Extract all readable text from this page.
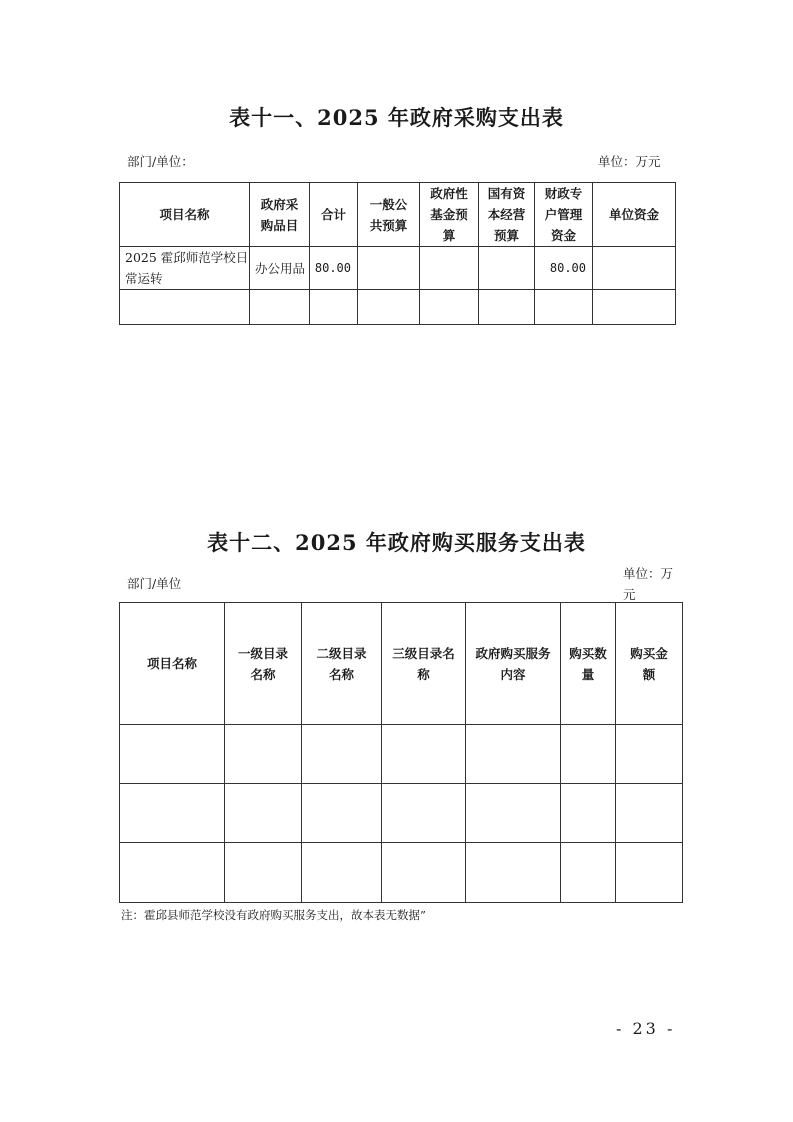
表十一、2025 年政府采购支出表
部门/单位：	单位：万元
项目名称	政府采购品目	合计	一般公共预算	政府性基金预算	国有资本经营预算	财政专户管理资金	单位资金
2025 霍邱师范学校日常运转	办公用品	80.00				80.00	

表十二、2025 年政府购买服务支出表
部门/单位
单位：万元
项目名称	一级目录名称	二级目录名称	三级目录名称	政府购买服务内容	购买数量	购买金额

注：霍邱县师范学校没有政府购买服务支出，故本表无数据”
- 23 -
